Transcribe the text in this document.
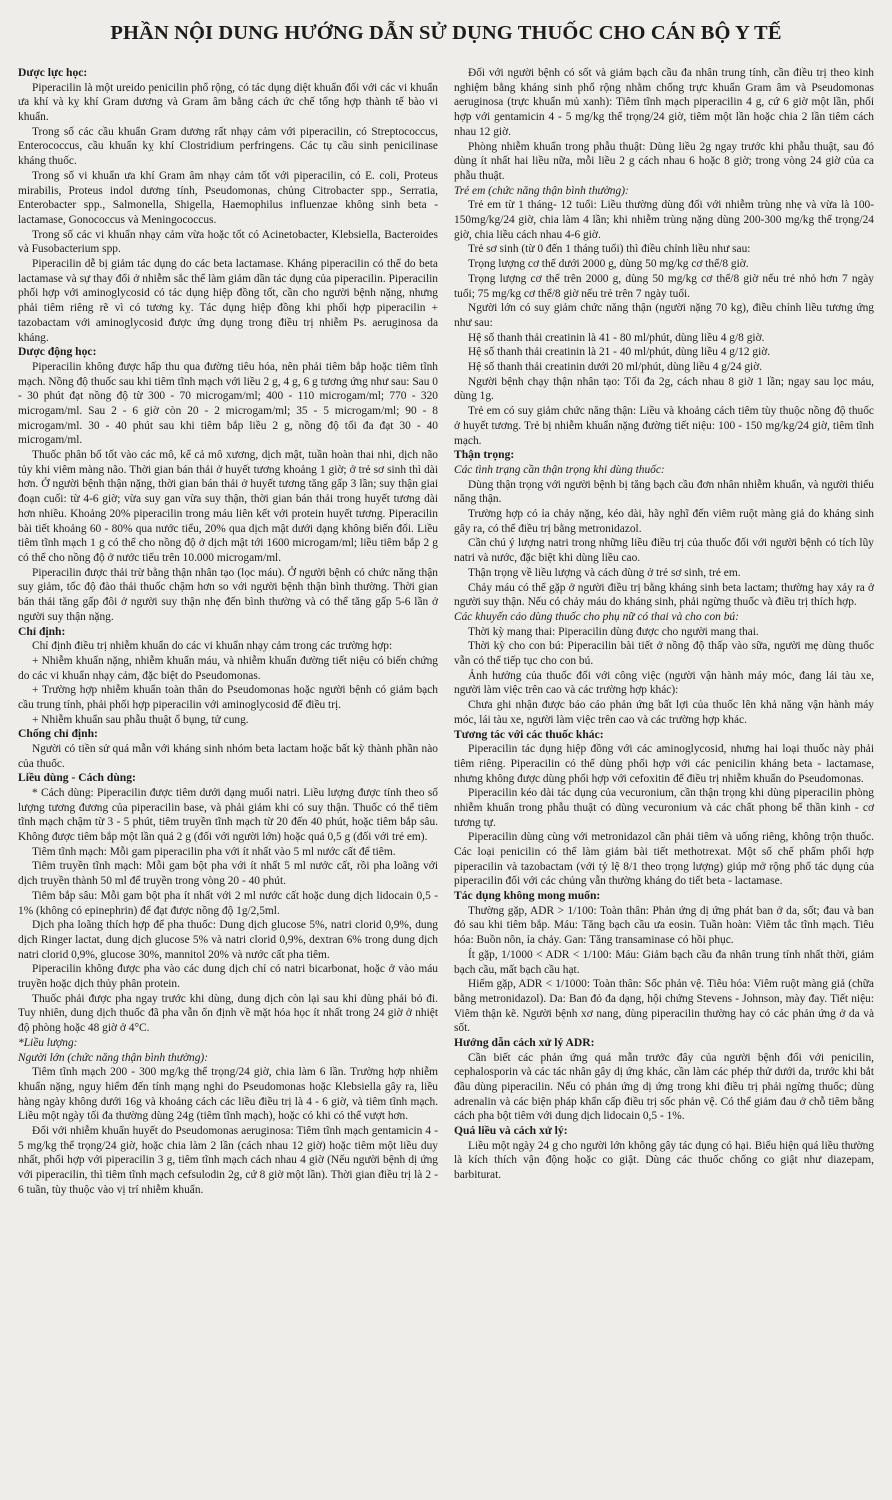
PHẦN NỘI DUNG HƯỚNG DẪN SỬ DỤNG THUỐC CHO CÁN BỘ Y TẾ
Dược lực học:
Piperacilin là một ureido penicilin phổ rộng, có tác dụng diệt khuẩn đối với các vi khuẩn ưa khí và kỵ khí Gram dương và Gram âm bằng cách ức chế tổng hợp thành tế bào vi khuẩn.
Trong số các cầu khuẩn Gram dương rất nhạy cảm với piperacilin, có Streptococcus, Enterococcus, cầu khuẩn kỵ khí Clostridium perfringens. Các tụ cầu sinh penicilinase kháng thuốc.
Trong số vi khuẩn ưa khí Gram âm nhạy cảm tốt với piperacilin, có E. coli, Proteus mirabilis, Proteus indol dương tính, Pseudomonas, chủng Citrobacter spp., Serratia, Enterobacter spp., Salmonella, Shigella, Haemophilus influenzae không sinh beta - lactamase, Gonococcus và Meningococcus.
Trong số các vi khuẩn nhạy cảm vừa hoặc tốt có Acinetobacter, Klebsiella, Bacteroides và Fusobacterium spp.
Piperacilin dễ bị giảm tác dụng do các beta lactamase. Kháng piperacilin có thể do beta lactamase và sự thay đổi ở nhiễm sắc thể làm giảm dần tác dụng của piperacilin. Piperacilin phối hợp với aminoglycosid có tác dụng hiệp đồng tốt, cần cho người bệnh nặng, nhưng phải tiêm riêng rẽ vì có tương kỵ. Tác dụng hiệp đồng khi phối hợp piperacilin + tazobactam với aminoglycosid được ứng dụng trong điều trị nhiễm Ps. aeruginosa da kháng.
Dược động học:
Piperacilin không được hấp thu qua đường tiêu hóa, nên phải tiêm bắp hoặc tiêm tĩnh mạch. Nồng độ thuốc sau khi tiêm tĩnh mạch với liều 2 g, 4 g, 6 g tương ứng như sau: Sau 0 - 30 phút đạt nồng độ từ 300 - 70 microgam/ml; 400 - 110 microgam/ml; 770 - 320 microgam/ml. Sau 2 - 6 giờ còn 20 - 2 microgam/ml; 35 - 5 microgam/ml; 90 - 8 microgam/ml. 30 - 40 phút sau khi tiêm bắp liều 2 g, nồng độ tối đa đạt 30 - 40 microgam/ml.
Thuốc phân bố tốt vào các mô, kể cả mô xương, dịch mật, tuần hoàn thai nhi, dịch não tủy khi viêm màng não. Thời gian bán thải ở huyết tương khoảng 1 giờ; ở trẻ sơ sinh thì dài hơn. Ở người bệnh thận nặng, thời gian bán thải ở huyết tương tăng gấp 3 lần; suy thận giai đoạn cuối: từ 4-6 giờ; vừa suy gan vừa suy thận, thời gian bán thải trong huyết tương dài hơn nhiều. Khoảng 20% piperacilin trong máu liên kết với protein huyết tương. Piperacilin bài tiết khoảng 60 - 80% qua nước tiểu, 20% qua dịch mật dưới dạng không biến đổi. Liều tiêm tĩnh mạch 1 g có thể cho nồng độ ở dịch mật tới 1600 microgam/ml; liều tiêm bắp 2 g có thể cho nồng độ ở nước tiểu trên 10.000 microgam/ml.
Piperacilin được thải trừ bằng thận nhân tạo (lọc máu). Ở người bệnh có chức năng thận suy giảm, tốc độ đào thải thuốc chậm hơn so với người bệnh thận bình thường. Thời gian bán thải tăng gấp đôi ở người suy thận nhẹ đến bình thường và có thể tăng gấp 5-6 lần ở người suy thận nặng.
Chỉ định:
Chỉ định điều trị nhiễm khuẩn do các vi khuẩn nhạy cảm trong các trường hợp:
+ Nhiễm khuẩn nặng, nhiễm khuẩn máu, và nhiễm khuẩn đường tiết niệu có biến chứng do các vi khuẩn nhạy cảm, đặc biệt do Pseudomonas.
+ Trường hợp nhiễm khuẩn toàn thân do Pseudomonas hoặc người bệnh có giảm bạch cầu trung tính, phải phối hợp piperacilin với aminoglycosid để điều trị.
+ Nhiễm khuẩn sau phẫu thuật ổ bụng, tử cung.
Chống chỉ định:
Người có tiền sử quá mẫn với kháng sinh nhóm beta lactam hoặc bất kỳ thành phần nào của thuốc.
Liều dùng - Cách dùng:
* Cách dùng: Piperacilin được tiêm dưới dạng muối natri. Liều lượng được tính theo số lượng tương đương của piperacilin base, và phải giảm khi có suy thận. Thuốc có thể tiêm tĩnh mạch chậm từ 3 - 5 phút, tiêm truyền tĩnh mạch từ 20 đến 40 phút, hoặc tiêm bắp sâu. Không được tiêm bắp một lần quá 2 g (đối với người lớn) hoặc quá 0,5 g (đối với trẻ em).
Tiêm tĩnh mạch: Mỗi gam piperacilin pha với ít nhất vào 5 ml nước cất để tiêm.
Tiêm truyền tĩnh mạch: Mỗi gam bột pha với ít nhất 5 ml nước cất, rồi pha loãng với dịch truyền thành 50 ml để truyền trong vòng 20 - 40 phút.
Tiêm bắp sâu: Mỗi gam bột pha ít nhất với 2 ml nước cất hoặc dung dịch lidocain 0,5 - 1% (không có epinephrin) để đạt được nồng độ 1g/2,5ml.
Dịch pha loãng thích hợp để pha thuốc: Dung dịch glucose 5%, natri clorid 0,9%, dung dịch Ringer lactat, dung dịch glucose 5% và natri clorid 0,9%, dextran 6% trong dung dịch natri clorid 0,9%, glucose 30%, mannitol 20% và nước cất pha tiêm.
Piperacilin không được pha vào các dung dịch chỉ có natri bicarbonat, hoặc ở vào máu truyền hoặc dịch thủy phân protein.
Thuốc phải được pha ngay trước khi dùng, dung dịch còn lại sau khi dùng phải bỏ đi. Tuy nhiên, dung dịch thuốc đã pha vẫn ổn định về mặt hóa học ít nhất trong 24 giờ ở nhiệt độ phòng hoặc 48 giờ ở 4°C.
*Liều lượng:
Người lớn (chức năng thận bình thường):
Tiêm tĩnh mạch 200 - 300 mg/kg thể trọng/24 giờ, chia làm 6 lần. Trường hợp nhiễm khuẩn nặng, nguy hiểm đến tính mạng nghi do Pseudomonas hoặc Klebsiella gây ra, liều hàng ngày không dưới 16g và khoảng cách các liều điều trị là 4 - 6 giờ, và tiêm tĩnh mạch. Liều một ngày tối đa thường dùng 24g (tiêm tĩnh mạch), hoặc có khi có thể vượt hơn.
Đối với nhiễm khuẩn huyết do Pseudomonas aeruginosa: Tiêm tĩnh mạch gentamicin 4 - 5 mg/kg thể trọng/24 giờ, hoặc chia làm 2 lần (cách nhau 12 giờ) hoặc tiêm một liều duy nhất, phối hợp với piperacilin 3 g, tiêm tĩnh mạch cách nhau 4 giờ (Nếu người bệnh dị ứng với piperacilin, thì tiêm tĩnh mạch cefsulodin 2g, cứ 8 giờ một lần). Thời gian điều trị là 2 - 6 tuần, tùy thuộc vào vị trí nhiễm khuẩn.
Đối với người bệnh có sốt và giảm bạch cầu đa nhân trung tính, cần điều trị theo kinh nghiệm bằng kháng sinh phổ rộng nhằm chống trực khuẩn Gram âm và Pseudomonas aeruginosa (trực khuẩn mủ xanh): Tiêm tĩnh mạch piperacilin 4 g, cứ 6 giờ một lần, phối hợp với gentamicin 4 - 5 mg/kg thể trọng/24 giờ, tiêm một lần hoặc chia 2 lần tiêm cách nhau 12 giờ.
Phòng nhiễm khuẩn trong phẫu thuật: Dùng liều 2g ngay trước khi phẫu thuật, sau đó dùng ít nhất hai liều nữa, mỗi liều 2 g cách nhau 6 hoặc 8 giờ; trong vòng 24 giờ của ca phẫu thuật.
Trẻ em (chức năng thận bình thường):
Trẻ em từ 1 tháng- 12 tuổi: Liều thường dùng đối với nhiễm trùng nhẹ và vừa là 100-150mg/kg/24 giờ, chia làm 4 lần; khi nhiễm trùng nặng dùng 200-300 mg/kg thể trọng/24 giờ, chia liều cách nhau 4-6 giờ.
Trẻ sơ sinh (từ 0 đến 1 tháng tuổi) thì điều chỉnh liều như sau:
Trọng lượng cơ thể dưới 2000 g, dùng 50 mg/kg cơ thể/8 giờ.
Trọng lượng cơ thể trên 2000 g, dùng 50 mg/kg cơ thể/8 giờ nếu trẻ nhỏ hơn 7 ngày tuổi; 75 mg/kg cơ thể/8 giờ nếu trẻ trên 7 ngày tuổi.
Người lớn có suy giảm chức năng thận (người nặng 70 kg), điều chỉnh liều tương ứng như sau:
Hệ số thanh thải creatinin là 41 - 80 ml/phút, dùng liều 4 g/8 giờ.
Hệ số thanh thải creatinin là 21 - 40 ml/phút, dùng liều 4 g/12 giờ.
Hệ số thanh thải creatinin dưới 20 ml/phút, dùng liều 4 g/24 giờ.
Người bệnh chạy thận nhân tạo: Tối đa 2g, cách nhau 8 giờ 1 lần; ngay sau lọc máu, dùng 1g.
Trẻ em có suy giảm chức năng thận: Liều và khoảng cách tiêm tùy thuộc nồng độ thuốc ở huyết tương. Trẻ bị nhiễm khuẩn nặng đường tiết niệu: 100 - 150 mg/kg/24 giờ, tiêm tĩnh mạch.
Thận trọng:
Các tình trạng cần thận trọng khi dùng thuốc:
Dùng thận trọng với người bệnh bị tăng bạch cầu đơn nhân nhiễm khuẩn, và người thiểu năng thận.
Trường hợp có ỉa chảy nặng, kéo dài, hãy nghĩ đến viêm ruột màng giả do kháng sinh gây ra, có thể điều trị bằng metronidazol.
Cần chú ý lượng natri trong những liều điều trị của thuốc đối với người bệnh có tích lũy natri và nước, đặc biệt khi dùng liều cao.
Thận trọng về liều lượng và cách dùng ở trẻ sơ sinh, trẻ em.
Chảy máu có thể gặp ở người điều trị bằng kháng sinh beta lactam; thường hay xảy ra ở người suy thận. Nếu có chảy máu do kháng sinh, phải ngừng thuốc và điều trị thích hợp.
Các khuyến cáo dùng thuốc cho phụ nữ có thai và cho con bú:
Thời kỳ mang thai: Piperacilin dùng được cho người mang thai.
Thời kỳ cho con bú: Piperacilin bài tiết ở nồng độ thấp vào sữa, người mẹ dùng thuốc vẫn có thể tiếp tục cho con bú.
Ảnh hưởng của thuốc đối với công việc (người vận hành máy móc, đang lái tàu xe, người làm việc trên cao và các trường hợp khác):
Chưa ghi nhận được báo cáo phản ứng bất lợi của thuốc lên khả năng vận hành máy móc, lái tàu xe, người làm việc trên cao và các trường hợp khác.
Tương tác với các thuốc khác:
Piperacilin tác dụng hiệp đồng với các aminoglycosid, nhưng hai loại thuốc này phải tiêm riêng. Piperacilin có thể dùng phối hợp với các penicilin kháng beta - lactamase, nhưng không được dùng phối hợp với cefoxitin để điều trị nhiễm khuẩn do Pseudomonas.
Piperacilin kéo dài tác dụng của vecuronium, cần thận trọng khi dùng piperacilin phòng nhiễm khuẩn trong phẫu thuật có dùng vecuronium và các chất phong bế thần kinh - cơ tương tự.
Piperacilin dùng cùng với metronidazol cần phải tiêm và uống riêng, không trộn thuốc. Các loại penicilin có thể làm giảm bài tiết methotrexat. Một số chế phẩm phối hợp piperacilin và tazobactam (với tỷ lệ 8/1 theo trọng lượng) giúp mở rộng phổ tác dụng của piperacilin đối với các chủng vẫn thường kháng do tiết beta - lactamase.
Tác dụng không mong muốn:
Thường gặp, ADR > 1/100: Toàn thân: Phản ứng dị ứng phát ban ở da, sốt; đau và ban đỏ sau khi tiêm bắp. Máu: Tăng bạch cầu ưa eosin. Tuần hoàn: Viêm tắc tĩnh mạch. Tiêu hóa: Buồn nôn, ỉa chảy. Gan: Tăng transaminase có hồi phục.
Ít gặp, 1/1000 < ADR < 1/100: Máu: Giảm bạch cầu đa nhân trung tính nhất thời, giảm bạch cầu, mất bạch cầu hạt.
Hiếm gặp, ADR < 1/1000: Toàn thân: Sốc phản vệ. Tiêu hóa: Viêm ruột màng giả (chữa bằng metronidazol). Da: Ban đỏ đa dạng, hội chứng Stevens - Johnson, mày đay. Tiết niệu: Viêm thận kẽ. Người bệnh xơ nang, dùng piperacilin thường hay có các phản ứng ở da và sốt.
Hướng dẫn cách xử lý ADR:
Cần biết các phản ứng quá mẫn trước đây của người bệnh đối với penicilin, cephalosporin và các tác nhân gây dị ứng khác, cần làm các phép thử dưới da, trước khi bắt đầu dùng piperacilin. Nếu có phản ứng dị ứng trong khi điều trị phải ngừng thuốc; dùng adrenalin và các biện pháp khẩn cấp điều trị sốc phản vệ. Có thể giảm đau ở chỗ tiêm bằng cách pha bột tiêm với dung dịch lidocain 0,5 - 1%.
Quá liều và cách xử lý:
Liều một ngày 24 g cho người lớn không gây tác dụng có hại. Biểu hiện quá liều thường là kích thích vận động hoặc co giật. Dùng các thuốc chống co giật như diazepam, barbiturat.
